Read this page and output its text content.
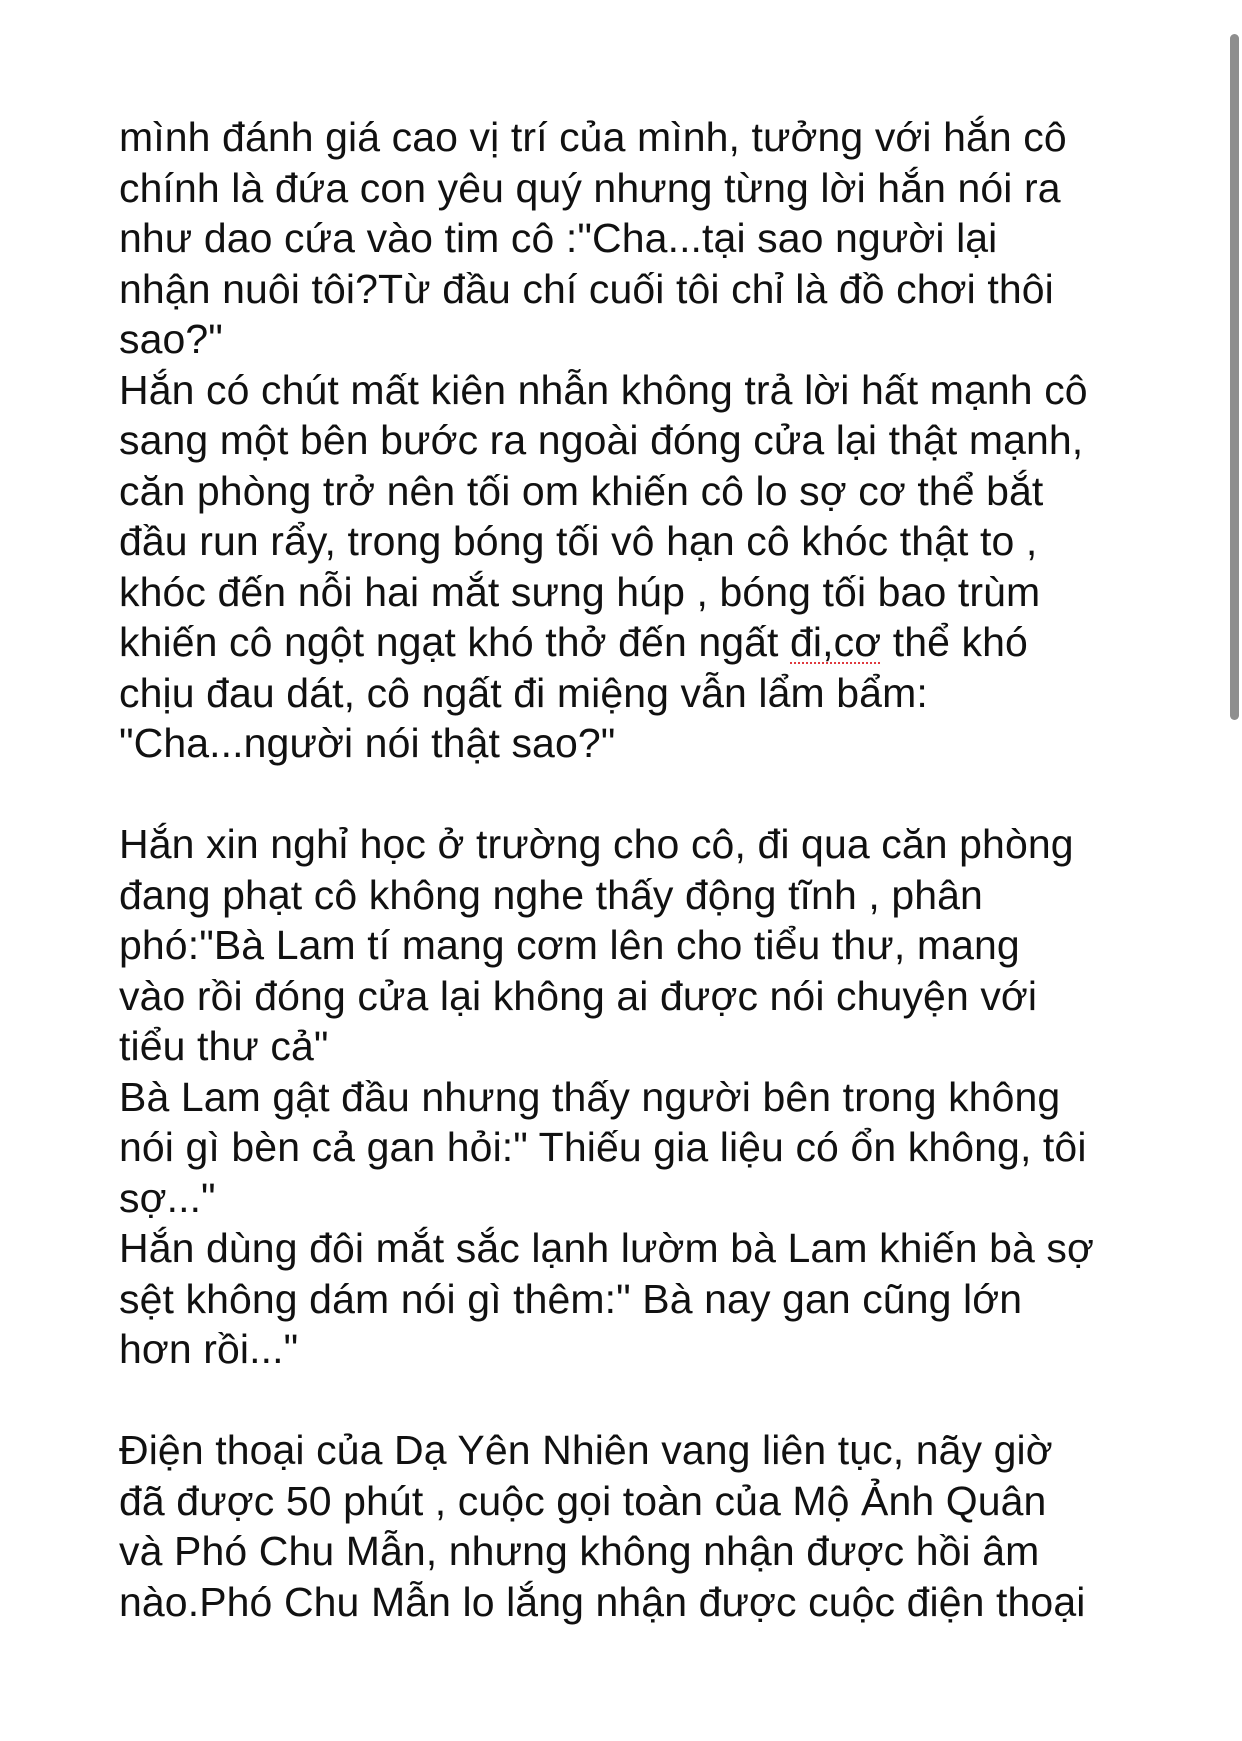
mình đánh giá cao vị trí của mình, tưởng với hắn cô
chính là đứa con yêu quý nhưng từng lời hắn nói ra
như dao cứa vào tim cô :"Cha...tại sao người lại
nhận nuôi tôi?Từ đầu chí cuối tôi chỉ là đồ chơi thôi
sao?"
Hắn có chút mất kiên nhẫn không trả lời hất mạnh cô
sang một bên bước ra ngoài đóng cửa lại thật mạnh,
căn phòng trở nên tối om khiến cô lo sợ cơ thể bắt
đầu run rẩy, trong bóng tối vô hạn cô khóc thật to ,
khóc đến nỗi hai mắt sưng húp , bóng tối bao trùm
khiến cô ngột ngạt khó thở đến ngất đi,cơ thể khó
chịu đau dát, cô ngất đi miệng vẫn lẩm bẩm:
"Cha...người nói thật sao?"
Hắn xin nghỉ học ở trường cho cô, đi qua căn phòng
đang phạt cô không nghe thấy động tĩnh , phân
phó:"Bà Lam tí mang cơm lên cho tiểu thư, mang
vào rồi đóng cửa lại không ai được nói chuyện với
tiểu thư cả"
Bà Lam gật đầu nhưng thấy người bên trong không
nói gì bèn cả gan hỏi:" Thiếu gia liệu có ổn không, tôi
sợ..."
Hắn dùng đôi mắt sắc lạnh lườm bà Lam khiến bà sợ
sệt không dám nói gì thêm:" Bà nay gan cũng lớn
hơn rồi..."
Điện thoại của Dạ Yên Nhiên vang liên tục, nãy giờ
đã được 50 phút , cuộc gọi toàn của Mộ Ảnh Quân
và Phó Chu Mẫn, nhưng không nhận được hồi âm
nào.Phó Chu Mẫn lo lắng nhận được cuộc điện thoại
